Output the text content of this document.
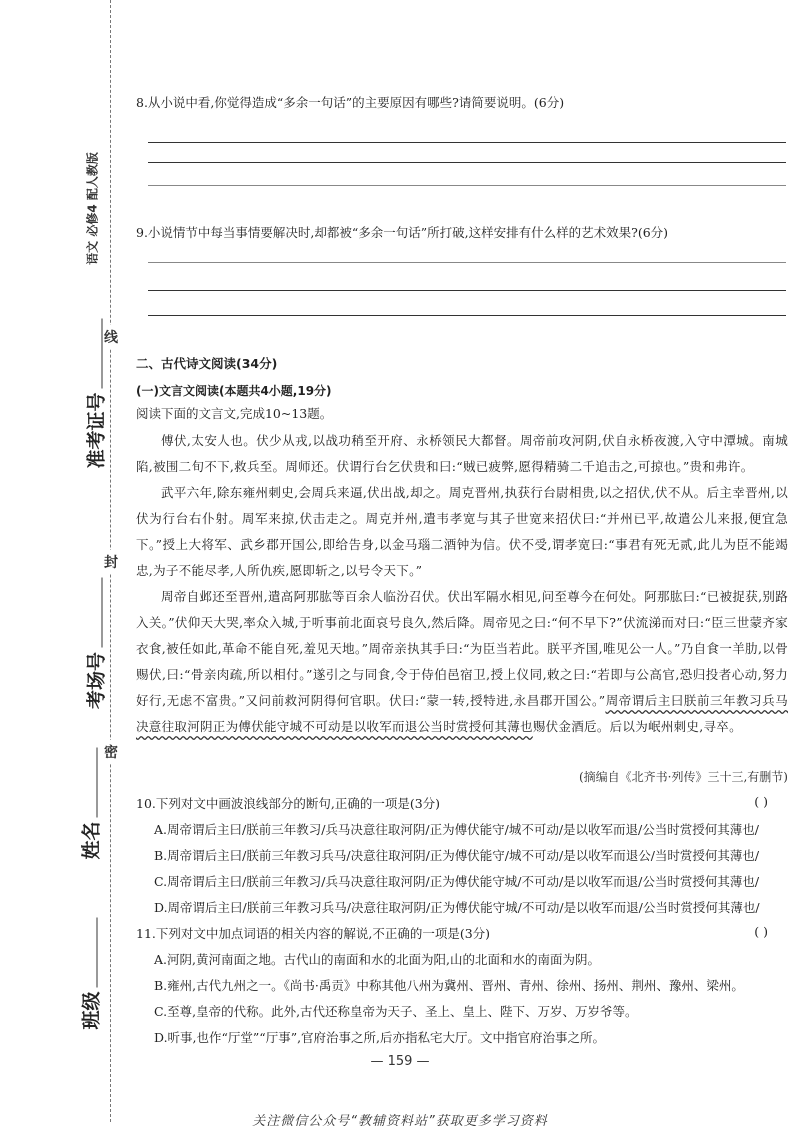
语文 必修4 配人教版
准考证号
考场号
姓名
班级
线
封
密
8.从小说中看,你觉得造成“多余一句话”的主要原因有哪些?请简要说明。(6分)
9.小说情节中每当事情要解决时,却都被“多余一句话”所打破,这样安排有什么样的艺术效果?(6分)
二、古代诗文阅读(34分)
(一)文言文阅读(本题共4小题,19分)
阅读下面的文言文,完成10~13题。

傅伏,太安人也。伏少从戎,以战功稍至开府、永桥领民大都督。周帝前攻河阴,伏自永桥夜渡,入守中潭城。南城陷,被围二旬不下,救兵至。周师还。伏谓行台乞伏贵和曰:“贼已疲弊,愿得精骑二千追击之,可掠也。”贵和弗许。

武平六年,除东雍州刺史,会周兵来逼,伏出战,却之。周克晋州,执获行台尉相贵,以之招伏,伏不从。后主幸晋州,以伏为行台右仆射。周军来掠,伏击走之。周克并州,遣韦孝宽与其子世宽来招伏曰:“并州已平,故遣公儿来报,便宜急下。”授上大将军、武乡郡开国公,即给告身,以金马瑙二酒钟为信。伏不受,谓孝宽曰:“事君有死无贰,此儿为臣不能竭忠,为子不能尽孝,人所仇疾,愿即斩之,以号令天下。”

周帝自邺还至晋州,遣高阿那肱等百余人临汾召伏。伏出军隔水相见,问至尊今在何处。阿那肱曰:“已被捉获,别路入关。”伏仰天大哭,率众入城,于听事前北面哀号良久,然后降。周帝见之曰:“何不早下?”伏流涕而对曰:“臣三世蒙齐家衣食,被任如此,革命不能自死,羞见天地。”周帝亲执其手曰:“为臣当若此。朕平齐国,唯见公一人。”乃自食一羊肋,以骨赐伏,曰:“骨亲肉疏,所以相付。”遂引之与同食,令于侍伯邑宿卫,授上仪同,敕之曰:“若即与公高官,恐归投者心动,努力好行,无虑不富贵。”又问前救河阴得何官职。伏曰:“蒙一转,授特进,永昌郡开国公。”周帝谓后主曰朕前三年教习兵马决意往取河阴正为傅伏能守城不可动是以收军而退公当时赏授何其薄也赐伏金酒卮。后以为岷州刺史,寻卒。

(摘编自《北齐书·列传》三十三,有删节)
10.下列对文中画波浪线部分的断句,正确的一项是(3分)	( )
A.周帝谓后主曰/朕前三年教习/兵马决意往取河阴/正为傅伏能守/城不可动/是以收军而退/公当时赏授何其薄也/
B.周帝谓后主曰/朕前三年教习兵马/决意往取河阴/正为傅伏能守/城不可动/是以收军而退公/当时赏授何其薄也/
C.周帝谓后主曰/朕前三年教习/兵马决意往取河阴/正为傅伏能守城/不可动/是以收军而退/公当时赏授何其薄也/
D.周帝谓后主曰/朕前三年教习兵马/决意往取河阴/正为傅伏能守城/不可动/是以收军而退/公当时赏授何其薄也/
11.下列对文中加点词语的相关内容的解说,不正确的一项是(3分)	( )
A.河阴,黄河南面之地。古代山的南面和水的北面为阳,山的北面和水的南面为阴。
B.雍州,古代九州之一。《尚书·禹贡》中称其他八州为冀州、晋州、青州、徐州、扬州、荆州、豫州、梁州。
C.至尊,皇帝的代称。此外,古代还称皇帝为天子、圣上、皇上、陛下、万岁、万岁爷等。
D.听事,也作“厅堂”“厅事”,官府治事之所,后亦指私宅大厅。文中指官府治事之所。
— 159 —
关注微信公众号“教辅资料站”获取更多学习资料
